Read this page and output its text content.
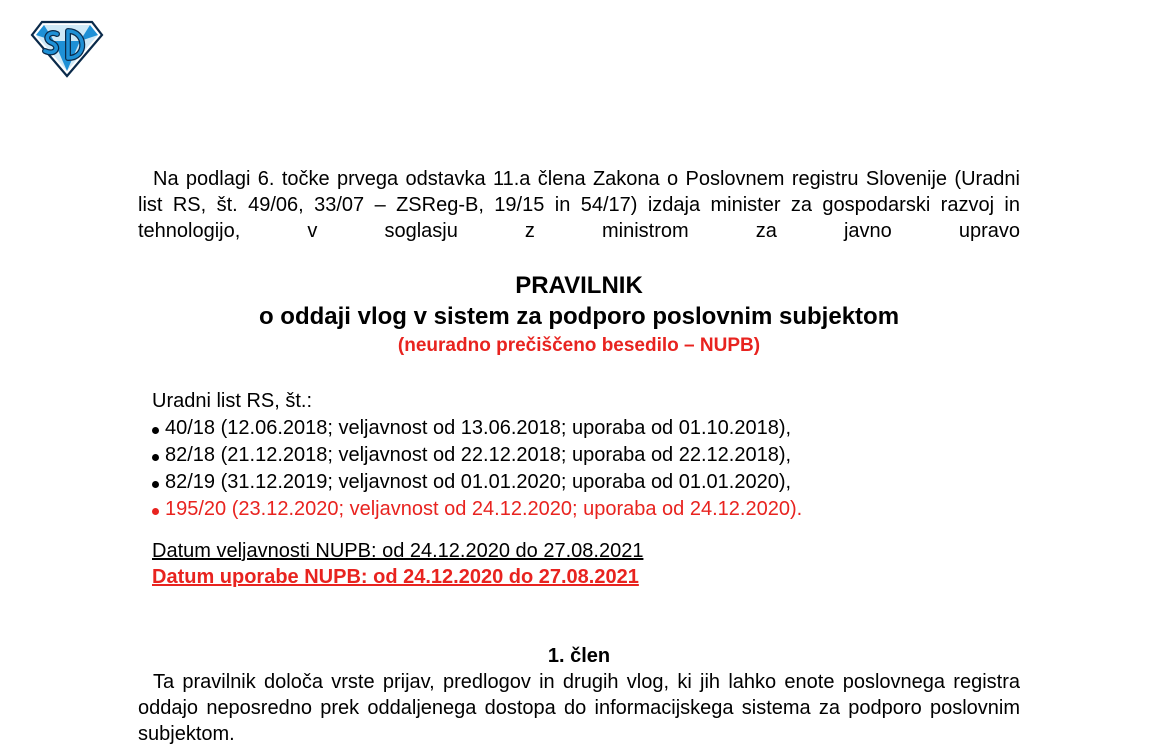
Na podlagi 6. točke prvega odstavka 11.a člena Zakona o Poslovnem registru Slovenije (Uradni list RS, št. 49/06, 33/07 – ZSReg-B, 19/15 in 54/17) izdaja minister za gospodarski razvoj in tehnologijo, v soglasju z ministrom za javno upravo
PRAVILNIK
o oddaji vlog v sistem za podporo poslovnim subjektom
(neuradno prečiščeno besedilo – NUPB)
Uradni list RS, št.:
40/18 (12.06.2018; veljavnost od 13.06.2018; uporaba od 01.10.2018),
82/18 (21.12.2018; veljavnost od 22.12.2018; uporaba od 22.12.2018),
82/19 (31.12.2019; veljavnost od 01.01.2020; uporaba od 01.01.2020),
195/20 (23.12.2020; veljavnost od 24.12.2020; uporaba od 24.12.2020).
Datum veljavnosti NUPB: od 24.12.2020 do 27.08.2021
Datum uporabe NUPB: od 24.12.2020 do 27.08.2021
1. člen
Ta pravilnik določa vrste prijav, predlogov in drugih vlog, ki jih lahko enote poslovnega registra oddajo neposredno prek oddaljenega dostopa do informacijskega sistema za podporo poslovnim subjektom.
